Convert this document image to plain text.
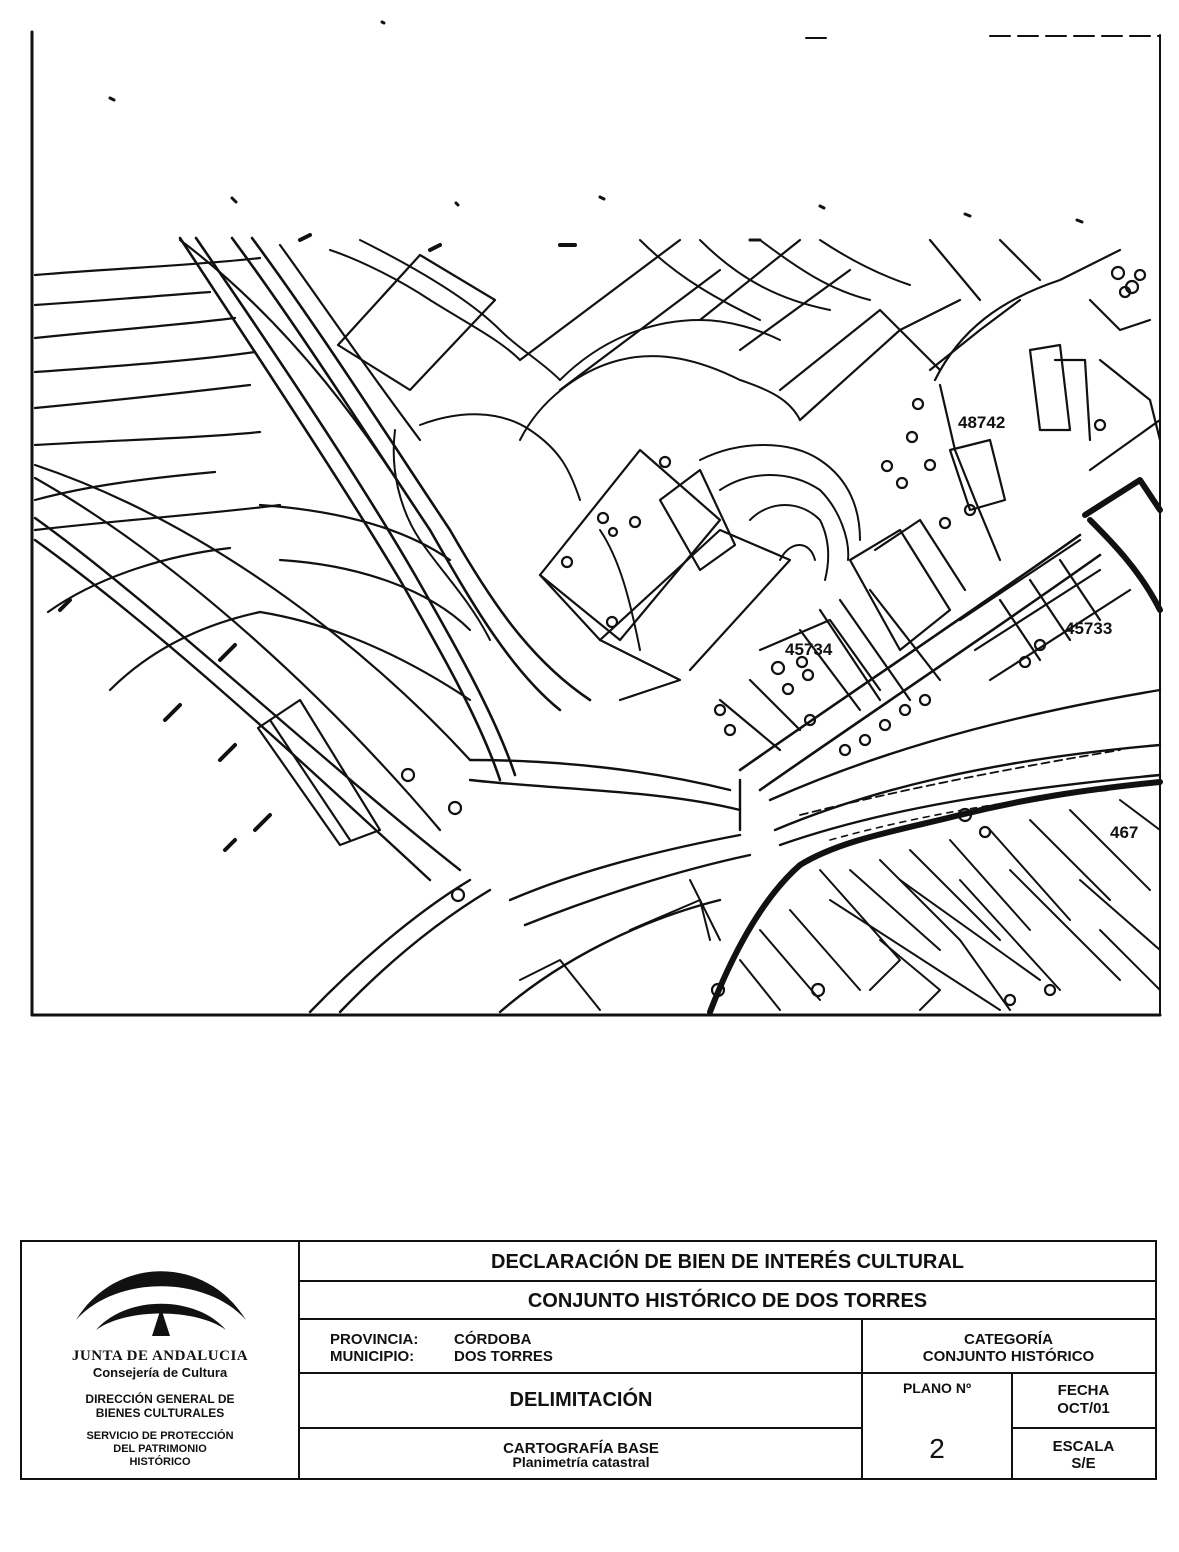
48742
45734
45733
467
JUNTA DE ANDALUCIA
Consejería de Cultura
DIRECCIÓN GENERAL DE
BIENES CULTURALES
SERVICIO DE PROTECCIÓN
DEL PATRIMONIO
HISTÓRICO
DECLARACIÓN DE BIEN DE INTERÉS CULTURAL
CONJUNTO HISTÓRICO DE DOS TORRES
PROVINCIA: CÓRDOBA
MUNICIPIO:	DOS TORRES
CATEGORÍA
CONJUNTO HISTÓRICO
DELIMITACIÓN
PLANO Nº
2
FECHA
OCT/01
CARTOGRAFÍA BASE
Planimetría catastral
ESCALA
S/E
